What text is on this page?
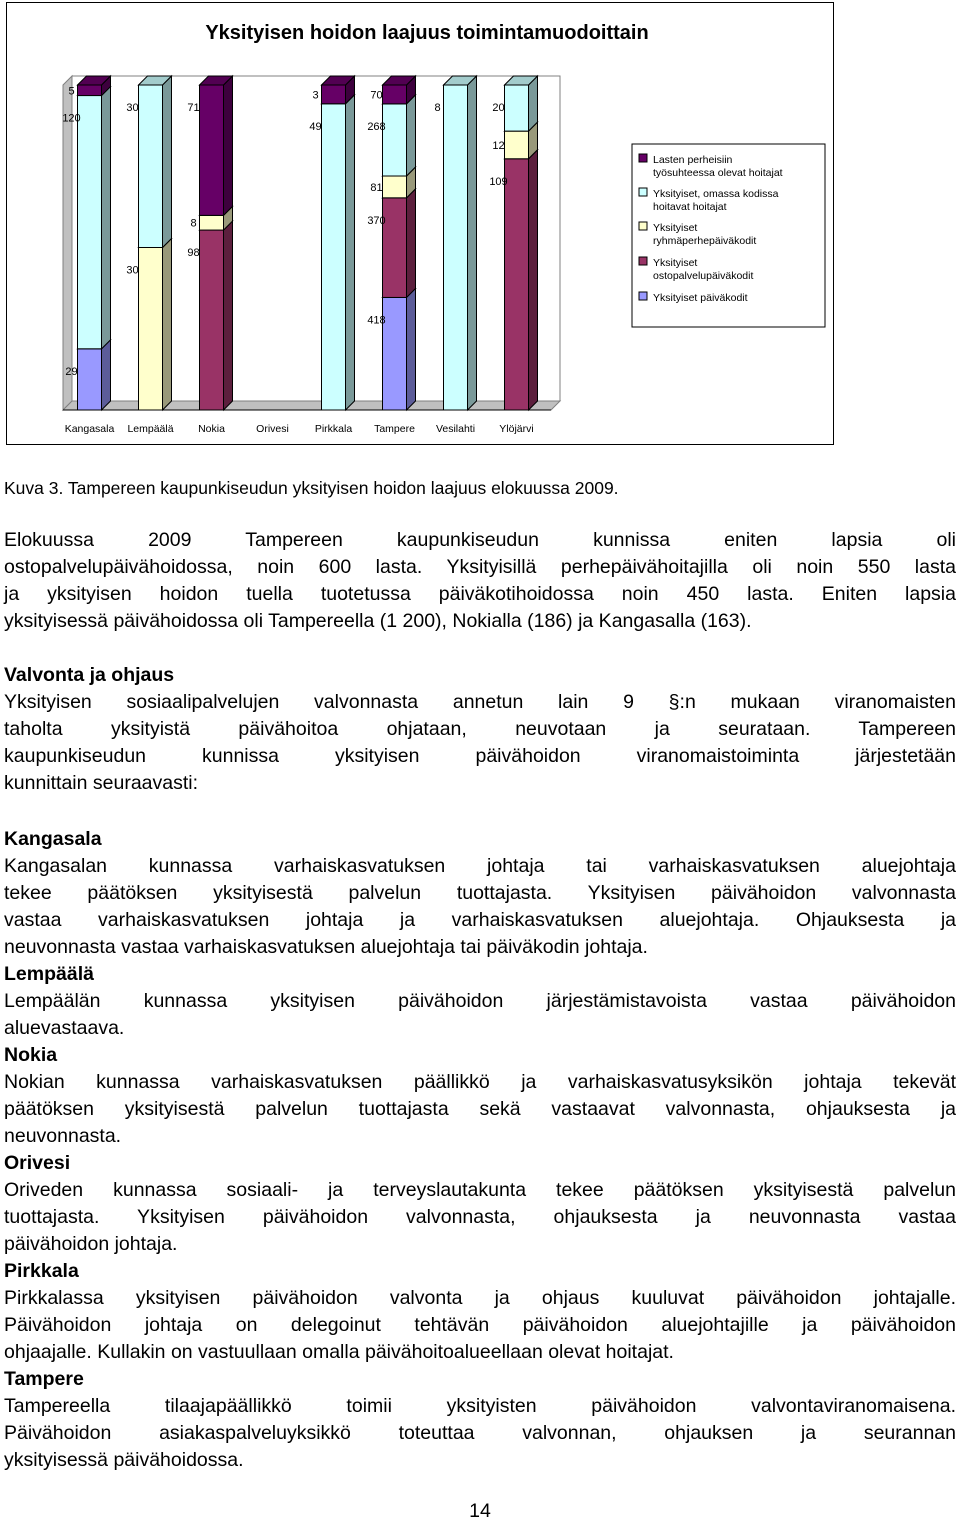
Yksityisen hoidon laajuus toimintamuodoittain
29
120
5
Kangasala
30
30
Lempäälä
98
8
71
Nokia	Orivesi
49
3
Pirkkala
418
370
81
268
70
Tampere
8
Vesilahti
109
12
20
Ylöjärvi
Lasten perheisiin työsuhteessa olevat hoitajat
Yksityiset, omassa kodissa hoitavat hoitajat
Yksityiset ryhmäperhepäiväkodit
Yksityiset ostopalvelupäiväkodit
Yksityiset päiväkodit
Kuva 3. Tampereen kaupunkiseudun yksityisen hoidon laajuus elokuussa 2009.
Elokuussa 2009 Tampereen kaupunkiseudun kunnissa eniten lapsia oli
ostopalvelupäivähoidossa, noin 600 lasta. Yksityisillä perhepäivähoitajilla oli noin 550 lasta
ja yksityisen hoidon tuella tuotetussa päiväkotihoidossa noin 450 lasta. Eniten lapsia
yksityisessä päivähoidossa oli Tampereella (1 200), Nokialla (186) ja Kangasalla (163).
Valvonta ja ohjaus
Yksityisen sosiaalipalvelujen valvonnasta annetun lain 9 §:n mukaan viranomaisten
taholta yksityistä päivähoitoa ohjataan, neuvotaan ja seurataan. Tampereen
kaupunkiseudun kunnissa yksityisen päivähoidon viranomaistoiminta järjestetään
kunnittain seuraavasti:
Kangasala
Kangasalan kunnassa varhaiskasvatuksen johtaja tai varhaiskasvatuksen aluejohtaja
tekee päätöksen yksityisestä palvelun tuottajasta. Yksityisen päivähoidon valvonnasta
vastaa varhaiskasvatuksen johtaja ja varhaiskasvatuksen aluejohtaja. Ohjauksesta ja
neuvonnasta vastaa varhaiskasvatuksen aluejohtaja tai päiväkodin johtaja.
Lempäälä
Lempäälän kunnassa yksityisen päivähoidon järjestämistavoista vastaa päivähoidon
aluevastaava.
Nokia
Nokian kunnassa varhaiskasvatuksen päällikkö ja varhaiskasvatusyksikön johtaja tekevät
päätöksen yksityisestä palvelun tuottajasta sekä vastaavat valvonnasta, ohjauksesta ja
neuvonnasta.
Orivesi
Oriveden kunnassa sosiaali- ja terveyslautakunta tekee päätöksen yksityisestä palvelun
tuottajasta. Yksityisen päivähoidon valvonnasta, ohjauksesta ja neuvonnasta vastaa
päivähoidon johtaja.
Pirkkala
Pirkkalassa yksityisen päivähoidon valvonta ja ohjaus kuuluvat päivähoidon johtajalle.
Päivähoidon johtaja on delegoinut tehtävän päivähoidon aluejohtajille ja päivähoidon
ohjaajalle. Kullakin on vastuullaan omalla päivähoitoalueellaan olevat hoitajat.
Tampere
Tampereella tilaajapäällikkö toimii yksityisten päivähoidon valvontaviranomaisena.
Päivähoidon asiakaspalveluyksikkö toteuttaa valvonnan, ohjauksen ja seurannan
yksityisessä päivähoidossa.
14
